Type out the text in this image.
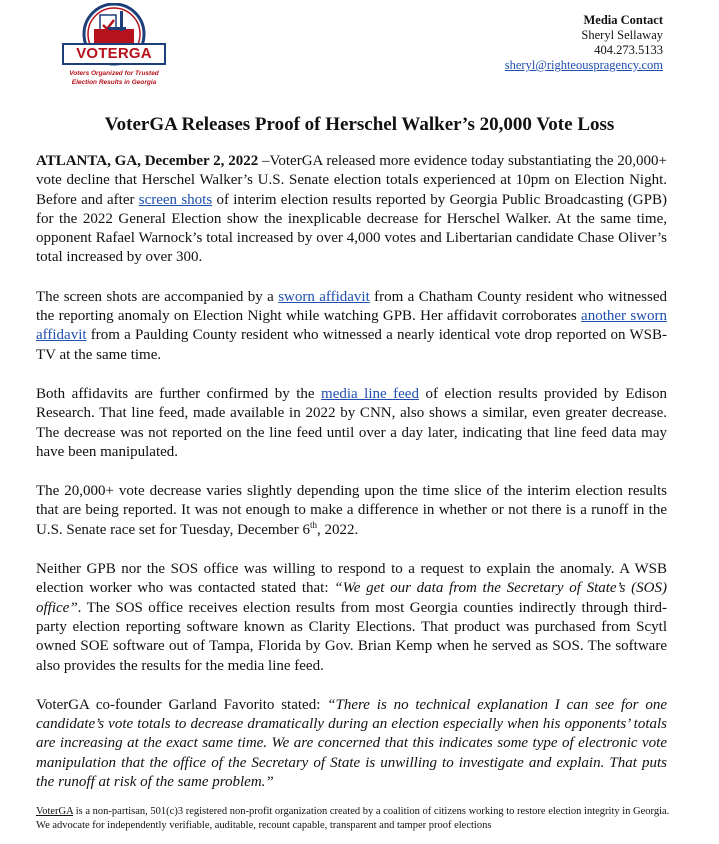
VOTERGA
Voters Organized for Trusted
Election Results in Georgia
Media Contact
Sheryl Sellaway
404.273.5133
sheryl@righteouspragency.com
VoterGA Releases Proof of Herschel Walker’s 20,000 Vote Loss

ATLANTA, GA, December 2, 2022 –VoterGA released more evidence today substantiating the 20,000+ vote decline that Herschel Walker’s U.S. Senate election totals experienced at 10pm on Election Night. Before and after screen shots of interim election results reported by Georgia Public Broadcasting (GPB) for the 2022 General Election show the inexplicable decrease for Herschel Walker. At the same time, opponent Rafael Warnock’s total increased by over 4,000 votes and Libertarian candidate Chase Oliver’s total increased by over 300.

The screen shots are accompanied by a sworn affidavit from a Chatham County resident who witnessed the reporting anomaly on Election Night while watching GPB. Her affidavit corroborates another sworn affidavit from a Paulding County resident who witnessed a nearly identical vote drop reported on WSB-TV at the same time.

Both affidavits are further confirmed by the media line feed of election results provided by Edison Research. That line feed, made available in 2022 by CNN, also shows a similar, even greater decrease. The decrease was not reported on the line feed until over a day later, indicating that line feed data may have been manipulated.

The 20,000+ vote decrease varies slightly depending upon the time slice of the interim election results that are being reported. It was not enough to make a difference in whether or not there is a runoff in the U.S. Senate race set for Tuesday, December 6th, 2022.

Neither GPB nor the SOS office was willing to respond to a request to explain the anomaly. A WSB election worker who was contacted stated that: “We get our data from the Secretary of State’s (SOS) office”. The SOS office receives election results from most Georgia counties indirectly through third-party election reporting software known as Clarity Elections. That product was purchased from Scytl owned SOE software out of Tampa, Florida by Gov. Brian Kemp when he served as SOS. The software also provides the results for the media line feed.

VoterGA co-founder Garland Favorito stated: “There is no technical explanation I can see for one candidate’s vote totals to decrease dramatically during an election especially when his opponents’ totals are increasing at the exact same time. We are concerned that this indicates some type of electronic vote manipulation that the office of the Secretary of State is unwilling to investigate and explain. That puts the runoff at risk of the same problem.”

VoterGA is a non-partisan, 501(c)3 registered non-profit organization created by a coalition of citizens working to restore election integrity in Georgia. We advocate for independently verifiable, auditable, recount capable, transparent and tamper proof elections
